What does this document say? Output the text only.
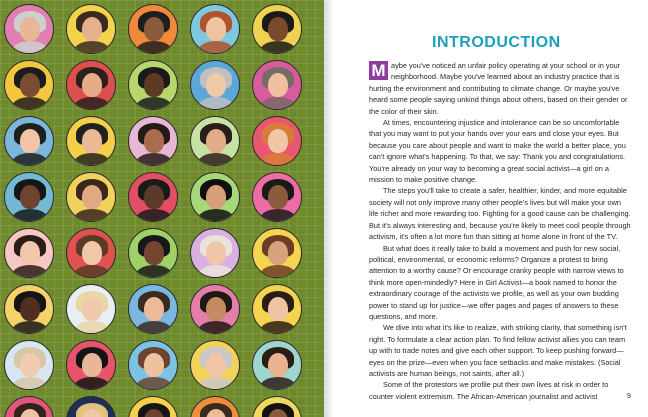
INTRODUCTION

M aybe you've noticed an unfair policy operating at your school or in your neighborhood. Maybe you've learned about an industry practice that is hurting the environment and contributing to climate change. Or maybe you've heard some people saying unkind things about others, based on their gender or the color of their skin.

At times, encountering injustice and intolerance can be so uncomfortable that you may want to put your hands over your ears and close your eyes. But because you care about people and want to make the world a better place, you can't ignore what's happening. To that, we say: Thank you and congratulations. You're already on your way to becoming a great social activist—a girl on a mission to make positive change.

The steps you'll take to create a safer, healthier, kinder, and more equitable society will not only improve many other people's lives but will make your own life richer and more rewarding too. Fighting for a good cause can be challenging. But it's always interesting and, because you're likely to meet cool people through activism, it's often a lot more fun than sitting at home alone in front of the TV.

But what does it really take to build a movement and push for new social, political, environmental, or economic reforms? Organize a protest to bring attention to a worthy cause? Or encourage cranky people with narrow views to think more open-mindedly? Here in Girl Activist—a book named to honor the extraordinary courage of the activists we profile, as well as your own budding power to stand up for justice—we offer pages and pages of answers to these questions, and more.

We dive into what it's like to realize, with striking clarity, that something isn't right. To formulate a clear action plan. To find fellow activist allies you can team up with to trade notes and give each other support. To keep pushing forward—eyes on the prize—even when you face setbacks and make mistakes. (Social activists are human beings, not saints, after all.)

Some of the protestors we profile put their own lives at risk in order to counter violent extremism. The African-American journalist and activist	9
